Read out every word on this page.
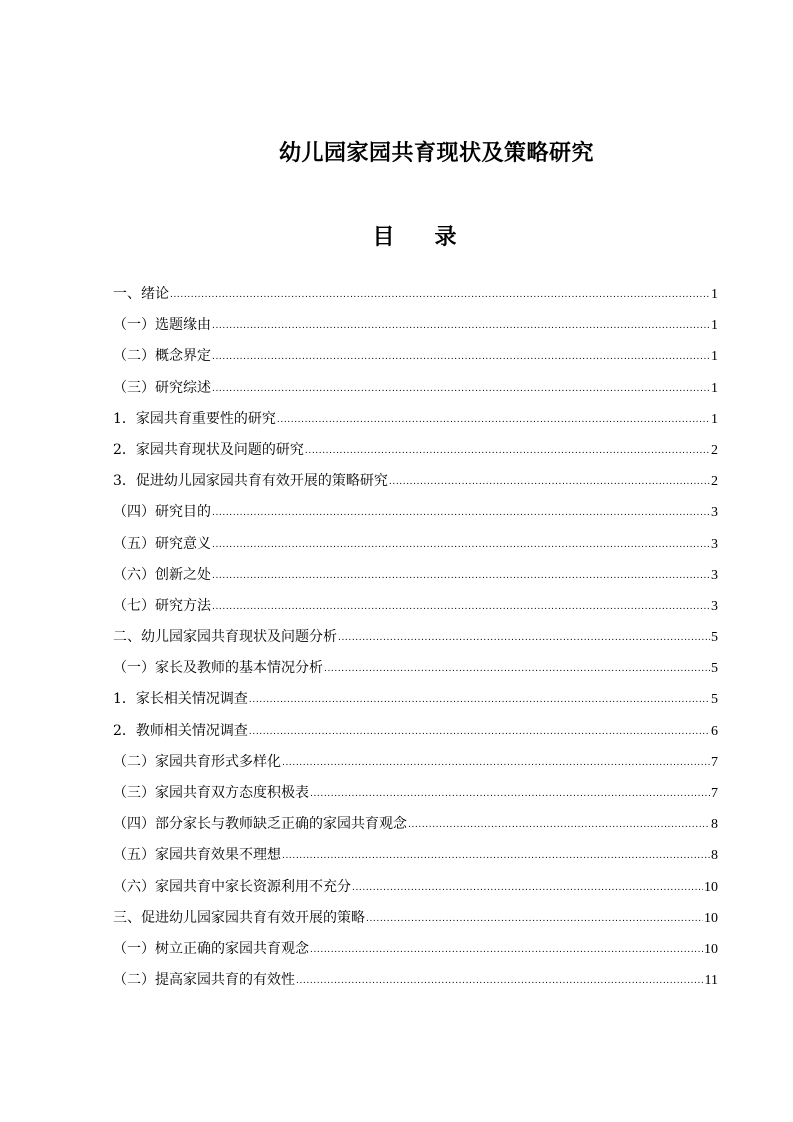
幼儿园家园共育现状及策略研究
目 录
一、绪论 .....	1
（一）选题缘由 .....	1
（二）概念界定 .....	1
（三）研究综述 .....	1
1．家园共育重要性的研究 .....	1
2．家园共育现状及问题的研究 .....	2
3．促进幼儿园家园共育有效开展的策略研究 .....	2
（四）研究目的 .....	3
（五）研究意义 .....	3
（六）创新之处 .....	3
（七）研究方法 .....	3
二、幼儿园家园共育现状及问题分析 .....	5
（一）家长及教师的基本情况分析 .....	5
1．家长相关情况调查 .....	5
2．教师相关情况调查 .....	6
（二）家园共育形式多样化 .....	7
（三）家园共育双方态度积极表 .....	7
（四）部分家长与教师缺乏正确的家园共育观念 .....	8
（五）家园共育效果不理想 .....	8
（六）家园共育中家长资源利用不充分 .....	10
三、促进幼儿园家园共育有效开展的策略 .....	10
（一）树立正确的家园共育观念 .....	10
（二）提高家园共育的有效性 .....	11
